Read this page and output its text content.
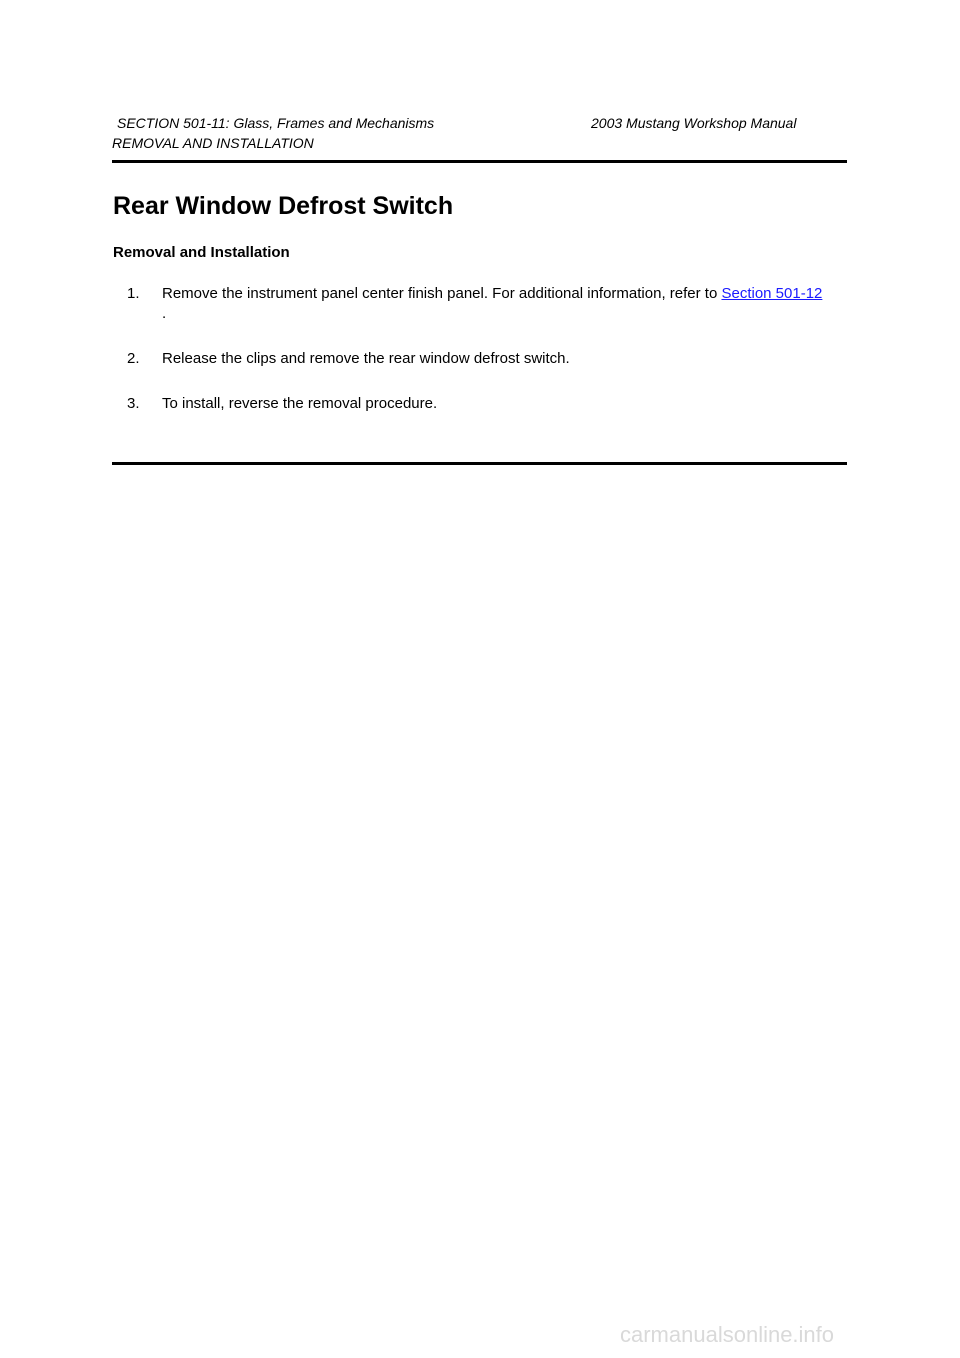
SECTION 501-11: Glass, Frames and Mechanisms	2003 Mustang Workshop Manual
REMOVAL AND INSTALLATION
Rear Window Defrost Switch
Removal and Installation
1. Remove the instrument panel center finish panel. For additional information, refer to Section 501-12 .
2. Release the clips and remove the rear window defrost switch.
3. To install, reverse the removal procedure.
carmanualsonline.info
